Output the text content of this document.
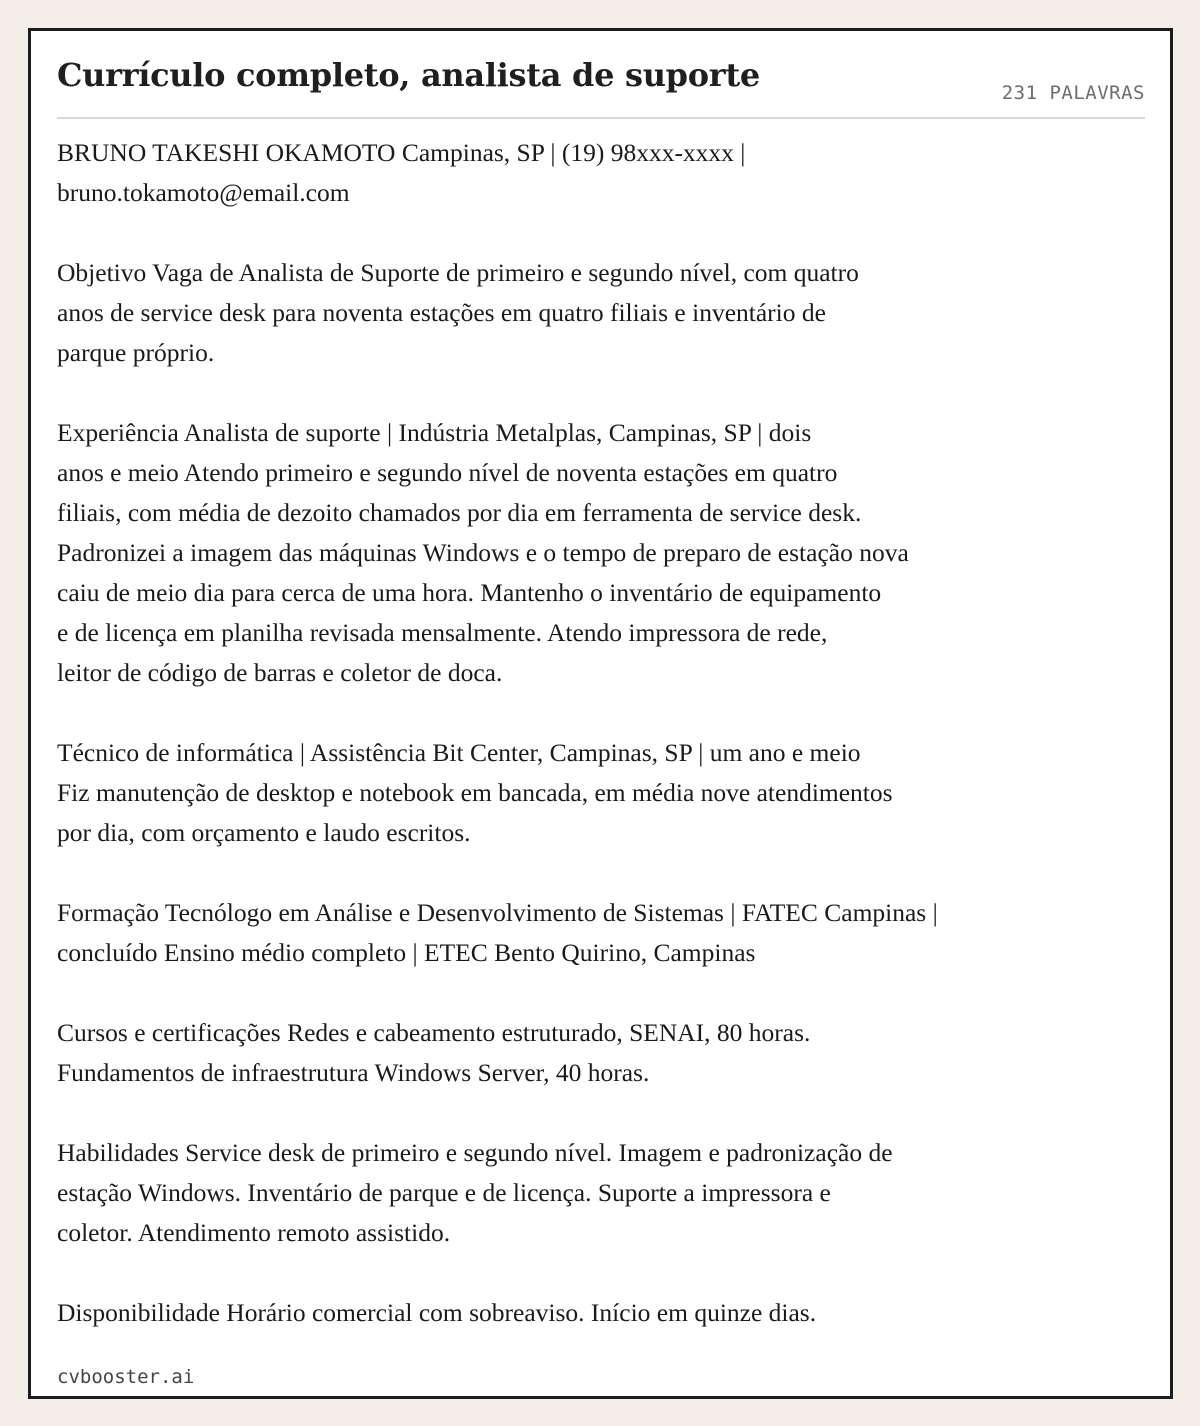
Currículo completo, analista de suporte	231 PALAVRAS
BRUNO TAKESHI OKAMOTO Campinas, SP | (19) 98xxx-xxxx |
bruno.tokamoto@email.com
Objetivo Vaga de Analista de Suporte de primeiro e segundo nível, com quatro
anos de service desk para noventa estações em quatro filiais e inventário de
parque próprio.
Experiência Analista de suporte | Indústria Metalplas, Campinas, SP | dois
anos e meio Atendo primeiro e segundo nível de noventa estações em quatro
filiais, com média de dezoito chamados por dia em ferramenta de service desk.
Padronizei a imagem das máquinas Windows e o tempo de preparo de estação nova
caiu de meio dia para cerca de uma hora. Mantenho o inventário de equipamento
e de licença em planilha revisada mensalmente. Atendo impressora de rede,
leitor de código de barras e coletor de doca.
Técnico de informática | Assistência Bit Center, Campinas, SP | um ano e meio
Fiz manutenção de desktop e notebook em bancada, em média nove atendimentos
por dia, com orçamento e laudo escritos.
Formação Tecnólogo em Análise e Desenvolvimento de Sistemas | FATEC Campinas |
concluído Ensino médio completo | ETEC Bento Quirino, Campinas
Cursos e certificações Redes e cabeamento estruturado, SENAI, 80 horas.
Fundamentos de infraestrutura Windows Server, 40 horas.
Habilidades Service desk de primeiro e segundo nível. Imagem e padronização de
estação Windows. Inventário de parque e de licença. Suporte a impressora e
coletor. Atendimento remoto assistido.
Disponibilidade Horário comercial com sobreaviso. Início em quinze dias.
cvbooster.ai
